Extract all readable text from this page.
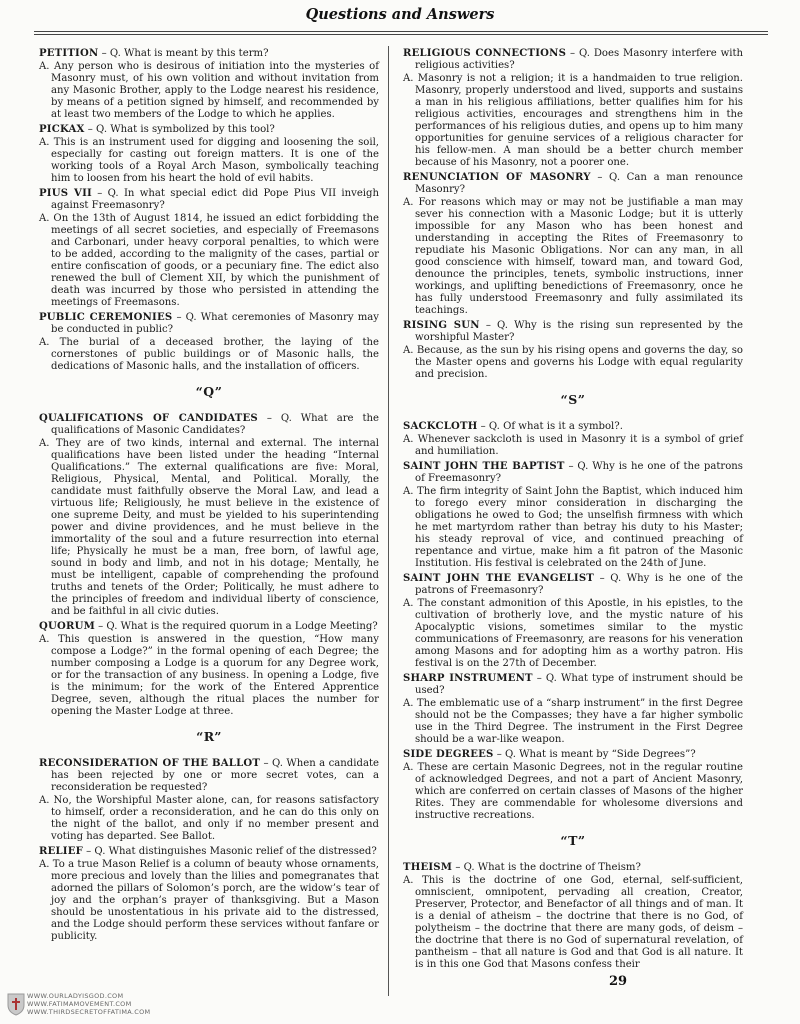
Questions and Answers

PETITION – Q. What is meant by this term?

A. Any person who is desirous of initiation into the mysteries of Masonry must, of his own volition and without invitation from any Masonic Brother, apply to the Lodge nearest his residence, by means of a petition signed by himself, and recommended by at least two members of the Lodge to which he applies.

PICKAX – Q. What is symbolized by this tool?

A. This is an instrument used for digging and loosening the soil, especially for casting out foreign matters. It is one of the working tools of a Royal Arch Mason, symbolically teaching him to loosen from his heart the hold of evil habits.

PIUS VII – Q. In what special edict did Pope Pius VII inveigh against Freemasonry?

A. On the 13th of August 1814, he issued an edict forbidding the meetings of all secret societies, and especially of Freemasons and Carbonari, under heavy corporal penalties, to which were to be added, according to the malignity of the cases, partial or entire confiscation of goods, or a pecuniary fine. The edict also renewed the bull of Clement XII, by which the punishment of death was incurred by those who persisted in attending the meetings of Freemasons.

PUBLIC CEREMONIES – Q. What ceremonies of Masonry may be conducted in public?

A. The burial of a deceased brother, the laying of the cornerstones of public buildings or of Masonic halls, the dedications of Masonic halls, and the installation of officers.

“Q”

QUALIFICATIONS OF CANDIDATES – Q. What are the qualifications of Masonic Candidates?

A. They are of two kinds, internal and external. The internal qualifications have been listed under the heading “Internal Qualifications.” The external qualifications are five: Moral, Religious, Physical, Mental, and Political. Morally, the candidate must faithfully observe the Moral Law, and lead a virtuous life; Religiously, he must believe in the existence of one supreme Deity, and must be yielded to his superintending power and divine providences, and he must believe in the immortality of the soul and a future resurrection into eternal life; Physically he must be a man, free born, of lawful age, sound in body and limb, and not in his dotage; Mentally, he must be intelligent, capable of comprehending the profound truths and tenets of the Order; Politically, he must adhere to the principles of freedom and individual liberty of conscience, and be faithful in all civic duties.

QUORUM – Q. What is the required quorum in a Lodge Meeting?

A. This question is answered in the question, “How many compose a Lodge?” in the formal opening of each Degree; the number composing a Lodge is a quorum for any Degree work, or for the transaction of any business. In opening a Lodge, five is the minimum; for the work of the Entered Apprentice Degree, seven, although the ritual places the number for opening the Master Lodge at three.

“R”

RECONSIDERATION OF THE BALLOT – Q. When a candidate has been rejected by one or more secret votes, can a reconsideration be requested?

A. No, the Worshipful Master alone, can, for reasons satisfactory to himself, order a reconsideration, and he can do this only on the night of the ballot, and only if no member present and voting has departed. See Ballot.

RELIEF – Q. What distinguishes Masonic relief of the distressed?

A. To a true Mason Relief is a column of beauty whose ornaments, more precious and lovely than the lilies and pomegranates that adorned the pillars of Solomon’s porch, are the widow’s tear of joy and the orphan’s prayer of thanksgiving. But a Mason should be unostentatious in his private aid to the distressed, and the Lodge should perform these services without fanfare or publicity.

RELIGIOUS CONNECTIONS – Q. Does Masonry interfere with religious activities?

A. Masonry is not a religion; it is a handmaiden to true religion. Masonry, properly understood and lived, supports and sustains a man in his religious affiliations, better qualifies him for his religious activities, encourages and strengthens him in the performances of his religious duties, and opens up to him many opportunities for genuine services of a religious character for his fellow-men. A man should be a better church member because of his Masonry, not a poorer one.

RENUNCIATION OF MASONRY – Q. Can a man renounce Masonry?

A. For reasons which may or may not be justifiable a man may sever his connection with a Masonic Lodge; but it is utterly impossible for any Mason who has been honest and understanding in accepting the Rites of Freemasonry to repudiate his Masonic Obligations. Nor can any man, in all good conscience with himself, toward man, and toward God, denounce the principles, tenets, symbolic instructions, inner workings, and uplifting benedictions of Freemasonry, once he has fully understood Freemasonry and fully assimilated its teachings.

RISING SUN – Q. Why is the rising sun represented by the worshipful Master?

A. Because, as the sun by his rising opens and governs the day, so the Master opens and governs his Lodge with equal regularity and precision.

“S”

SACKCLOTH – Q. Of what is it a symbol?.

A. Whenever sackcloth is used in Masonry it is a symbol of grief and humiliation.

SAINT JOHN THE BAPTIST – Q. Why is he one of the patrons of Freemasonry?

A. The firm integrity of Saint John the Baptist, which induced him to forego every minor consideration in discharging the obligations he owed to God; the unselfish firmness with which he met martyrdom rather than betray his duty to his Master; his steady reproval of vice, and continued preaching of repentance and virtue, make him a fit patron of the Masonic Institution. His festival is celebrated on the 24th of June.

SAINT JOHN THE EVANGELIST – Q. Why is he one of the patrons of Freemasonry?

A. The constant admonition of this Apostle, in his epistles, to the cultivation of brotherly love, and the mystic nature of his Apocalyptic visions, sometimes similar to the mystic communications of Freemasonry, are reasons for his veneration among Masons and for adopting him as a worthy patron. His festival is on the 27th of December.

SHARP INSTRUMENT – Q. What type of instrument should be used?

A. The emblematic use of a “sharp instrument” in the first Degree should not be the Compasses; they have a far higher symbolic use in the Third Degree. The instrument in the First Degree should be a war-like weapon.

SIDE DEGREES – Q. What is meant by “Side Degrees”?

A. These are certain Masonic Degrees, not in the regular routine of acknowledged Degrees, and not a part of Ancient Masonry, which are conferred on certain classes of Masons of the higher Rites. They are commendable for wholesome diversions and instructive recreations.

“T”

THEISM – Q. What is the doctrine of Theism?

A. This is the doctrine of one God, eternal, self-sufficient, omniscient, omnipotent, pervading all creation, Creator, Preserver, Protector, and Benefactor of all things and of man. It is a denial of atheism – the doctrine that there is no God, of polytheism – the doctrine that there are many gods, of deism – the doctrine that there is no God of supernatural revelation, of pantheism – that all nature is God and that God is all nature. It is in this one God that Masons confess their

29
WWW.OURLADYISGOD.COM
WWW.FATIMAMOVEMENT.COM
WWW.THIRDSECRETOFFATIMA.COM
